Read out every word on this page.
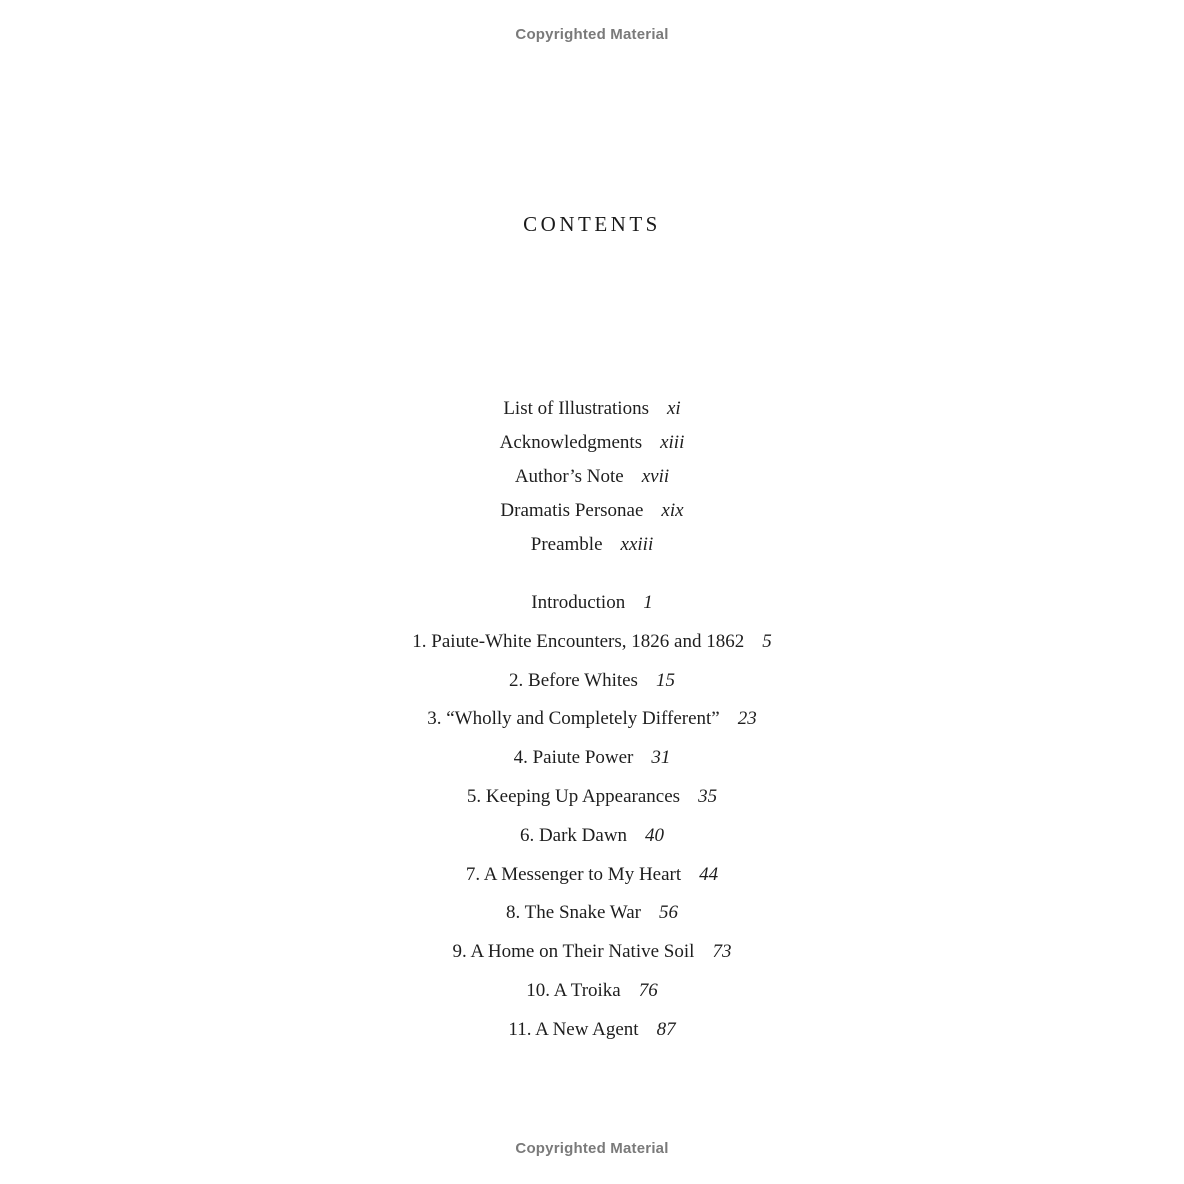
Copyrighted Material
CONTENTS
List of Illustrations xi
Acknowledgments xiii
Author’s Note xvii
Dramatis Personae xix
Preamble xxiii
Introduction 1
1. Paiute-White Encounters, 1826 and 1862 5
2. Before Whites 15
3. “Wholly and Completely Different” 23
4. Paiute Power 31
5. Keeping Up Appearances 35
6. Dark Dawn 40
7. A Messenger to My Heart 44
8. The Snake War 56
9. A Home on Their Native Soil 73
10. A Troika 76
11. A New Agent 87
Copyrighted Material
